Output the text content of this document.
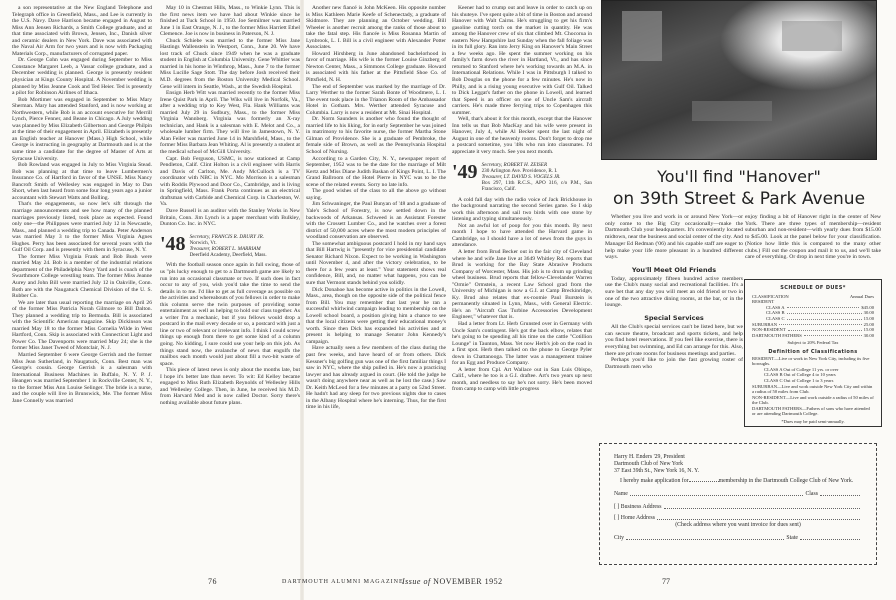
a son representative at the New England Telephone and Telegraph office in Greenfield, Mass., and Lee is currently in the U.S. Navy. Dave Harrison became engaged in August to Miss Ann Jensen Richards, a Smith College graduate, and at that time associated with Brown, Jensen, Inc., Danish silver and ceramic dealers in New York. Dave was associated with the Naval Air Arm for two years and is now with Packaging Materials Corp., manufacturers of corrugated paper.

Dr. George Cohn was engaged during September to Miss Constance Margaret Leeb, a Vassar college graduate, and a December wedding is planned. George is presently resident physician at Kings County Hospital. A November wedding is planned by Miss Jeanne Cook and Ted Heier. Ted is presently a pilot for Robinson Airlines of Ithaca.

Bob Mortimer was engaged in September to Miss Mary Sherman. Mary has attended Stanford, and is now working at Northwestern, while Bob is an account executive for Merrill Lynch, Pierce Fenner, and Beane in Chicago. A July wedding was planned by Miss Elizabeth Gilbertson and George Philpin at the time of their engagement in April. Elizabeth is presently an English teacher at Hanover (Mass.) High School, while George is instructing in geography at Dartmouth and is at the same time a candidate for the degree of Master of Arts at Syracuse University.

Bob Rowland was engaged in July to Miss Virginia Stead. Bob was planning at that time to leave Lumbermen's Insurance Co. of Hartford in favor of the UNSE. Miss Nancy Bancroft Smith of Wellesley was engaged in May to Dan Short, when last heard from some four long years ago a junior accountant with Stewart Watts and Bolling.

That's the engagements, so now let's sift through the marriage announcements and see how many of the planned marriages previously listed, took place as expected. Found only one—the Philippses were married July 12 in Newcastle, Mass., and planned a wedding trip to Canada. Peter Anderson was married May 3 to the former Miss Virginia Agnes Hughes. Perry has been associated for several years with the Gulf Oil Corp. and is presently with them in Syracuse, N. Y.

The former Miss Virginia Frank and Bob Bush were married May 24. Bob is a member of the industrial relations department of the Philadelphia Navy Yard and is coach of the Swarthmore College wrestling team. The former Miss Jeanne Aurey and John Bill were married July 12 in Oakville, Conn. Both are with the Naugatuck Chemical Division of the U. S. Rubber Co.

We are later than usual reporting the marriage on April 26 of the former Miss Patricia Norah Gilmore to Bill Dalton. They planned a wedding trip to Bermuda. Bill is associated with the Scientific American magazine. Skip Dickinson was married May 18 to the former Miss Cornelia Wilde in West Hartford, Conn. Skip is associated with Connecticut Light and Power Co. The Davenports were married May 24; she is the former Miss Janet Tweed of Montclair, N. J.

Married September 6 were George Gerrish and the former Miss Jean Sutherland, in Naugatuck, Conn. Best man was George's cousin. George Gerrish is a salesman with International Business Machines in Buffalo, N. Y. P. J. Heangen was married September 1 in Rockville Center, N. Y., to the former Miss Ann Louise Selinger. The bride is a nurse, and the couple will live in Brunswick, Me. The former Miss Jane Connelly was married

May 10 in Chestnut Hills, Mass., to Winkie Lynn. This is the first news item we have had about Winkie since he finished at Tuck School in 1950. Joe Semilmer was married June 1 in East Orange, N. J., to the former Miss Harriett Ethel Clemence. Joe is now in business in Paterson, N. J.

Chuck Schiebe was married to the former Miss Jane Hastings Wallenstein in Westport, Conn., June 20. We have lost track of Chuck since 1949 when he was a graduate student in English at Columbia University. Gene Whittier was married in his home in Winthrop, Mass., June 7 to the former Miss Lucille Sage Stott. The day before Josh received their M.D. degrees from the Boston University Medical School. Gene will intern in Seattle, Wash., at the Swedish Hospital.

Ensign Herb Witt was married recently to the former Miss Irene Quist Park in April. The Wiks will live in Norfolk, Va., after a wedding trip to Key West, Fla. Hank Williams was married July 29 in Sudbury, Mass., to the former Miss Virginia Wannberg. Virginia was formerly an X-ray technician, and Hank is a salesman with E. Melot and Co., a wholesale lumber firm. They will live in Jamestown, N. Y. Alan Feiler was married June 14 in Marshfield, Mass., to the former Miss Barbara Jean Whiting. Al is presently a student at the medical school of McGill University.

Capt. Bob Ferguson, USMC, is now stationed at Camp Pendleton, Calif. Clint Holton is a civil engineer with Harris and Davis of Carlton, Me. Andy McCulloch is a TV coordinator with NBC in NYC. Mo Morrison is a salesman with Roddis Plywood and Door Co., Cambridge, and is living in Springfield, Mass. Frank Porta continues as an electrical draftsman with Carbide and Chemical Corp. in Charleston, W. Va.

Dave Russell is an auditor with the Stanley Works in New Britain, Conn. Jim Lynch is a paper merchant with Bulkley, Dunton Co. Inc. in NYC.

'48 Secretary, FRANCIS R. DRURY JR.
Norwich, Vt.
Treasurer, ROBERT L. MARRIAM
Deerfield Academy, Deerfield, Mass.

With the football season once again in full swing, those of us "pls lucky enough to get to a Dartmouth game are likely to run into an occasional classmate or two. If such does in fact occur to any of you, wish you'd take the time to send the details in to me. I'd like to get as full coverage as possible on the activities and whereabouts of you fellows in order to make this column serve the twin purposes of providing some entertainment as well as helping to hold our class together. As a writer I'm a mechanic, but if you fellows would drop a postcard in the mail every decade or so, a postcard with just a line or two of relevant or irrelevant info. I think I could screw things up enough from there to get some kind of a column going. No kidding, I sure could use your help on this job. As things stand now, the avalanche of news that engulfs the mailbox each month would just about fill a two-bit waste of space.

This piece of latest news is only about the months late, but I hope it's better late than never. To wit: Ed Kelley became engaged to Miss Ruth Elizabeth Reynolds of Wellesley Hills and Wellesley College. Then, in June, he received his M.D. from Harvard Med and is now called Doctor. Sorry there's nothing available about future plans.

Another new fiancé is John McKeen. His opposite number is Miss Kathleen Marie Keefe of Schenectady, a graduate of Skidmore. They are planning an October wedding. Bill Wheeler is another recruit among the ranks of those about to take the fatal step. His fiancée is Miss Rosanna Martin of Lynbrook, L. I. Bill is a civil engineer with Alexander Potter Associates.

Howard Hirshberg in June abandoned bachelorhood in favor of marriage. His wife is the former Louise Ginzberg of Newton Center, Mass., a Simmons College graduate. Howard is associated with his father at the Pittsfield Shoe Co. of Pittsfield, N. H.

The end of September was marked by the marriage of Dr. Larry Werther to the former Sarah Bonte of Woodmere, L. I. The event took place in the Trianon Room of the Ambassador Hotel in Gotham. Mrs. Werther attended Syracuse and Columbia. Larry is now a resident at Mt. Sinai Hospital.

Dr. Norm Saunders is another who found the thought of married life to his liking, for in early September he was joined in matrimony to his favorite nurse, the former Martha Stone Gilman of Providence. She is a graduate of Pembroke, the female side of Brown, as well as the Pennsylvania Hospital School of Nursing.

According to a Garden City, N. Y., newspaper report of September, 1952 was to be the date for the marriage of Milt Kertz and Miss Diane Judith Baskan of Kings Point, L. I. The Grand Ballroom of the Hotel Pierre in NYC was to be the scene of the related events. Sorry no late info.

The good wishes of the class to all the above go without saying.

Jim Schwaninger, the Paul Bunyan of '48 and a graduate of Yale's School of Forestry, is now settled down in the backwoods of Arkansas. Schweed is an Assistant Forester with the Crossett Lumber Co., and he watches over a forest district of 50,000 acres where the most modern principles of woodland conservation are observed.

The somewhat ambiguous postcard I hold in my hand says that Bill Hartwig is "presently for vice presidential candidate Senator Richard Nixon. Expect to be working in Washington until November 4, and after the victory celebration, to be there for a few years at least." Your statement shows real confidence, Bill, and, no matter what happens, you can be sure that Vermont stands behind you solidly.

Dick Donahoe has become active in politics in the Lowell, Mass., area, though on the opposite side of the political fence from Bill. You may remember that last year he ran a successful whirlwind campaign leading to membership on the Lowell school board, a position giving him a chance to see that the local citizens were getting their educational money's worth. Since then Dick has expanded his activities and at present is helping to manage Senator John Kennedy's campaign.

Have actually seen a few members of the class during the past few weeks, and have heard of or from others. Dick Kessner's big golfing gun was one of the first familiar things I saw in NYC, where the ship pulled in. He's now a practicing lawyer and has already argued in court. (He told the judge he wasn't doing anywhere near as well as he lost the case.) Saw Dr. Keith McLeod for a few minutes at a party on 52nd Street. He hadn't had any sleep for two previous nights due to cases in the Albany Hospital where he's interning. Thus, for the first time in his life,

Keener had to crump out and leave in order to catch up on his shuteye. I've spent quite a bit of time in Boston and around Hanover with Walt Cairns. He's struggling to get his firm's gasoline cutting torch on the market in quantity. He was among the Hanover crew of six that climbed Mt. Chocorua in eastern New Hampshire last Sunday when the fall foliage was in its full glory. Ran into Jerry King on Hanover's Main Street a few weeks ago. He spent the summer working on his family's farm down the river in Hartland, Vt., and has since returned to Stanford where he's working towards an M.A. in International Relations. While I was in Pittsburgh I talked to Bob Douglas on the phone for a few minutes. He's now in Philly, and is a rising young executive with Gulf Oil. Talked to Dick Leggat's father on the phone in Lowell, and learned that Speed is an officer on one of Uncle Sam's aircraft carriers. He's made three ferrying trips to Copenhagen this summer.

Well, that's about it for this month, except that the Hanover Inn tells us that Bob MacKay and his wife were present in Hanover, July 4, while Al Becker spent the last night of August in one of the heavenly rooms. Don't forget to drop me a postcard sometime, you '48s who run into classmates. I'd appreciate it very much. See you next month.

'49 Secretary, ROBERT H. ZEISER
230 Arlington Ave. Providence, R. I.
Treasurer, LT. DAVID S. VOGELS JR.
Box 297, 11th R.C.S., APO 316, c/o P.M., San Francisco, Calif.

A cold fall day with the radio voice of Jack Brickhouse in the background narrating the second Series game. So I skip work this afternoon and sail two birds with one stone by listening and typing simultaneously.

Not an awful lot of poop for you this month. By next month I hope to have attended the Harvard game in Cambridge, so I should have a lot of news from the guys in attendance.

A letter from Brud Becker out in the fair city of Cleveland where he and wife Jane live at 3649 Whitley Rd. reports that Brud is working for the Bay State Abrasive Products Company of Worcester, Mass. His job is to drum up grinding wheel business. Brud reports that fellow-Clevelander Warren "Ormie" Ormstein, a recent Law School grad from the University of Michigan is now a G.I. at Camp Breckinridge, Ky. Brud also relates that ex-roomie Paul Burstein is permanently situated in Lynn, Mass., with General Electric. He's an "Aircraft Gas Turbine Accessories Development Engineer," whatever that is.

Had a letter from Lt. Herb Grunsted over in Germany with Uncle Sam's contingent. He's got the back elbow, relates that he's going to be spending all his time on the cattle "Cotillion Lounge" in Taunton, Mass. Yet now Herb's job on the road in a first spot. Herb then talked on the phone to George Pyler down in Chattanooga. The latter was a management trainee for an Egg and Produce Company.

A letter from Cpl. Art Wallace out in San Luis Obispo, Calif., where he too is a G.I. draftee. Art's two years up next month, and needless to say he's not sorry. He's been moved from camp to camp with little progress

76	DARTMOUTH ALUMNI MAGAZINE
Issue of NOVEMBER 1952
You'll find "Hanover"
on 39th Street & Park Avenue

Whether you live and work in or around New York—or only come to the Big City occasionally—make the Dartmouth Club your headquarters. It's conveniently located midtown, near the business and social center of the city. And Manager Ed Redman ('06) and his capable staff are eager to help make your life more pleasant in a hundred different ways.

You'll Meet Old Friends

Today, approximately fifteen hundred active members use the Club's many social and recreational facilities. It's a sure bet that any day you will meet an old friend or two in one of the two attractive dining rooms, at the bar, or in the lounge.

Special Services

All the Club's special services can't be listed here, but we can secure theatre, broadcast and sports tickets, and help you find hotel reservations. If you feel like exercise, there is everything but swimming, and Ed can arrange for this. Also, there are private rooms for business meetings and parties.

Perhaps you'd like to join the fast growing roster of Dartmouth men who

enjoy finding a bit of Hanover right in the center of New York. There are three types of membership—resident suburban and non-resident—with yearly dues from $15.00 to $45.00. Look at the panel below for your classification. (Notice how little this is compared to the many other clubs.) Fill out the coupon and mail it to us, and we'll take care of everything. Or drop in next time you're in town.
SCHEDULE OF DUES*
CLASSIFICATION	Annual Dues
RESIDENT
CLASS A	$45.00
CLASS B	30.00
CLASS C	15.00
SUBURBAN	25.00
NON-RESIDENT	15.00
DARTMOUTH FATHERS	30.00
Subject to 20% Federal Tax
Definition of Classifications
RESIDENT—Live or work in New York City, including its five boroughs.
CLASS A Out of College 11 yrs. or over
CLASS B Out of College 4 to 10 years
CLASS C Out of College 1 to 3 years
SUBURBAN—Live and work outside New York City and within a radius of 50 miles from Club.
NON-RESIDENT—Live and work outside a radius of 50 miles of the Club.
DARTMOUTH FATHERS—Fathers of sons who have attended or are attending Dartmouth College.
*Dues may be paid semi-annually.
Harry H. Enders '29, President
Dartmouth Club of New York
37 East 39th St., New York 16, N. Y.
I hereby make application for	membership in the Dartmouth College Club of New York.
Name	Class
[ ] Business Address
[ ] Home Address
(Check address where you want invoice for dues sent)
City	State
77
